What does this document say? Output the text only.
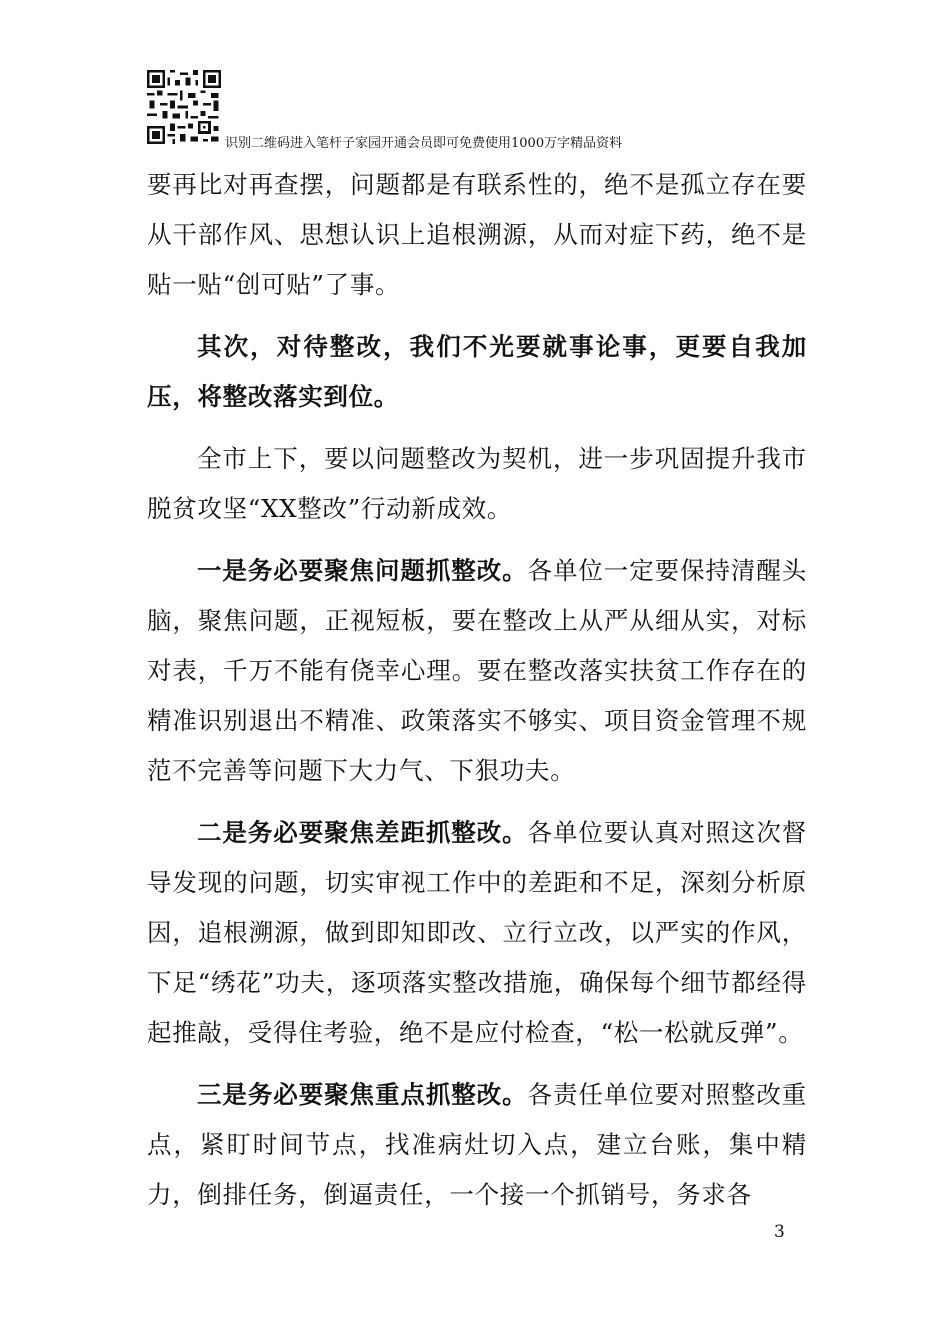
识别二维码进入笔杆子家园开通会员即可免费使用1000万字精品资料

要再比对再查摆，问题都是有联系性的，绝不是孤立存在要从干部作风、思想认识上追根溯源，从而对症下药，绝不是贴一贴“创可贴”了事。

其次，对待整改，我们不光要就事论事，更要自我加压，将整改落实到位。

全市上下，要以问题整改为契机，进一步巩固提升我市脱贫攻坚“XX整改”行动新成效。

一是务必要聚焦问题抓整改。各单位一定要保持清醒头脑，聚焦问题，正视短板，要在整改上从严从细从实，对标对表，千万不能有侥幸心理。要在整改落实扶贫工作存在的精准识别退出不精准、政策落实不够实、项目资金管理不规范不完善等问题下大力气、下狠功夫。

二是务必要聚焦差距抓整改。各单位要认真对照这次督导发现的问题，切实审视工作中的差距和不足，深刻分析原因，追根溯源，做到即知即改、立行立改，以严实的作风，下足“绣花”功夫，逐项落实整改措施，确保每个细节都经得起推敲，受得住考验，绝不是应付检查，“松一松就反弹”。

三是务必要聚焦重点抓整改。各责任单位要对照整改重点，紧盯时间节点，找准病灶切入点，建立台账，集中精力，倒排任务，倒逼责任，一个接一个抓销号，务求各

3
